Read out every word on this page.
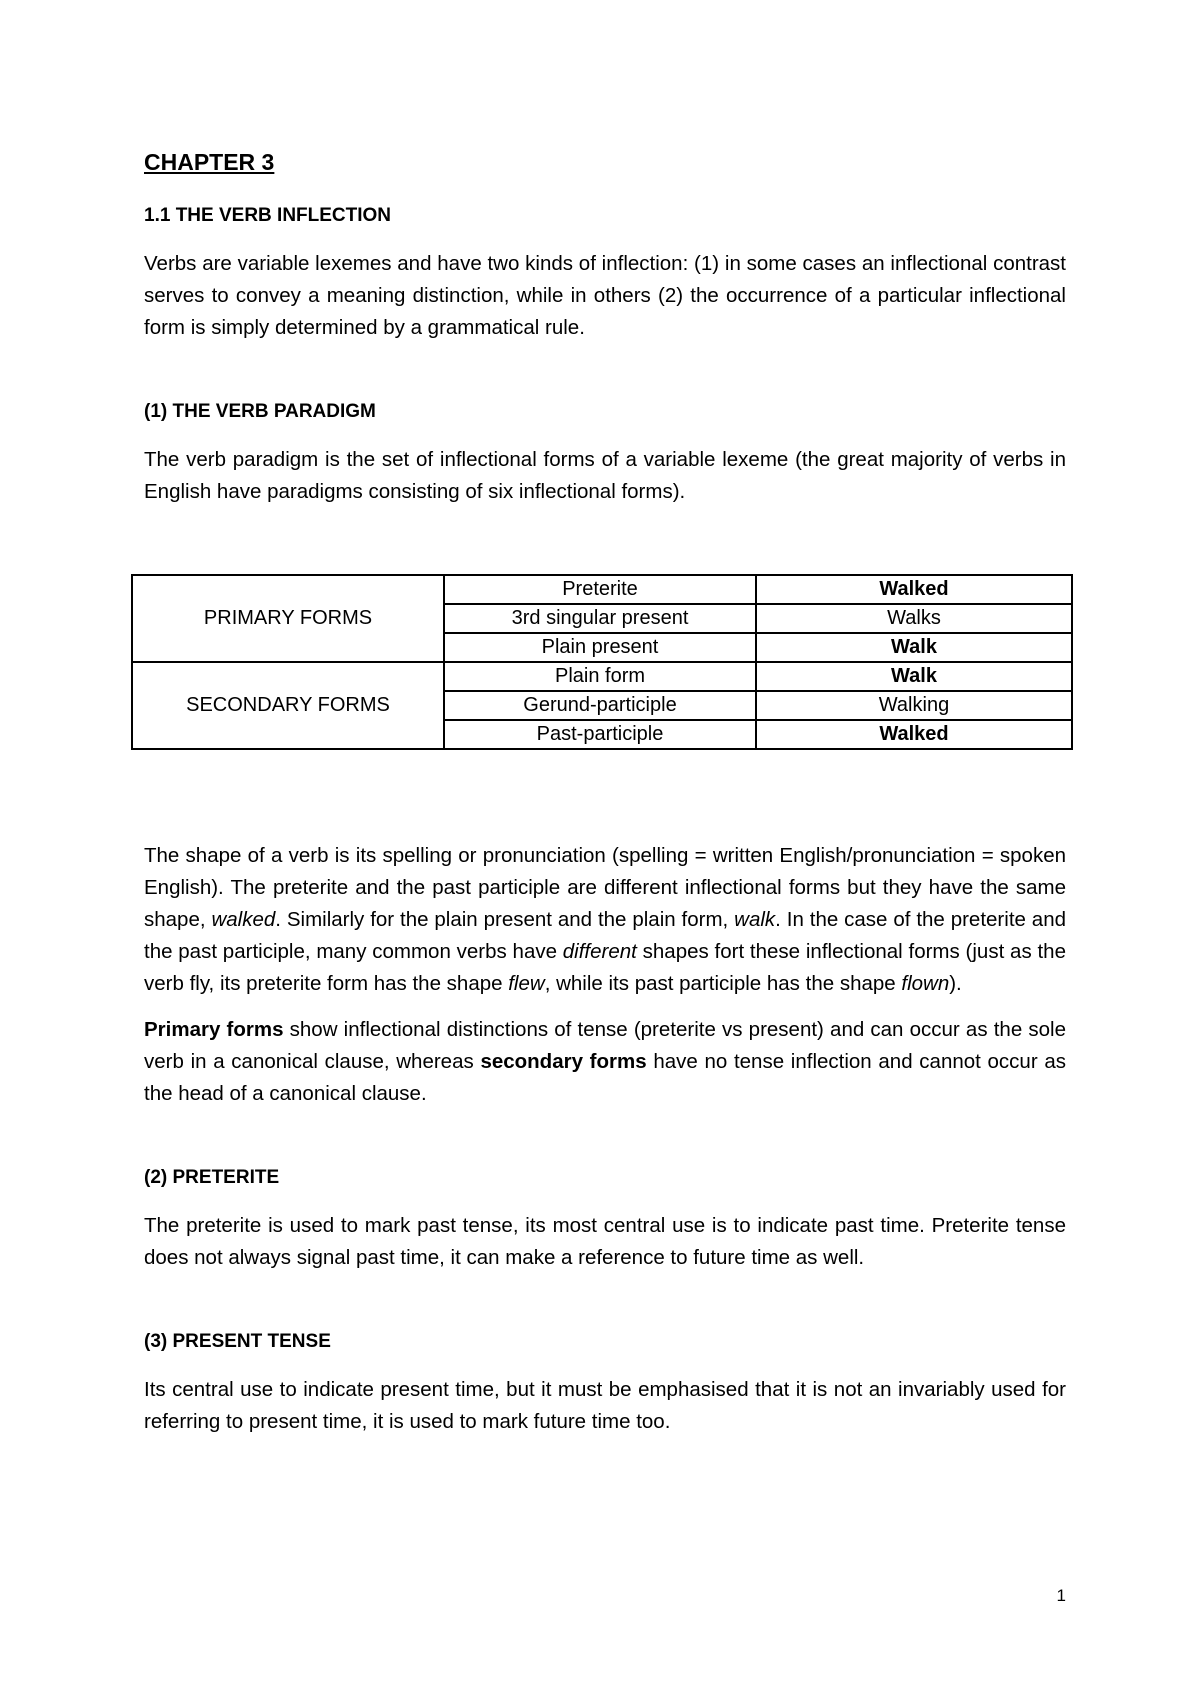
CHAPTER 3
1.1 THE VERB INFLECTION

Verbs are variable lexemes and have two kinds of inflection: (1) in some cases an inflectional contrast serves to convey a meaning distinction, while in others (2) the occurrence of a particular inflectional form is simply determined by a grammatical rule.

(1) THE VERB PARADIGM

The verb paradigm is the set of inflectional forms of a variable lexeme (the great majority of verbs in English have paradigms consisting of six inflectional forms).

PRIMARY FORMS	Preterite	Walked
	3rd singular present	Walks
	Plain present	Walk
SECONDARY FORMS	Plain form	Walk
	Gerund-participle	Walking
	Past-participle	Walked

The shape of a verb is its spelling or pronunciation (spelling = written English/pronunciation = spoken English). The preterite and the past participle are different inflectional forms but they have the same shape, walked. Similarly for the plain present and the plain form, walk. In the case of the preterite and the past participle, many common verbs have different shapes fort these inflectional forms (just as the verb fly, its preterite form has the shape flew, while its past participle has the shape flown).

Primary forms show inflectional distinctions of tense (preterite vs present) and can occur as the sole verb in a canonical clause, whereas secondary forms have no tense inflection and cannot occur as the head of a canonical clause.

(2) PRETERITE

The preterite is used to mark past tense, its most central use is to indicate past time. Preterite tense does not always signal past time, it can make a reference to future time as well.

(3) PRESENT TENSE

Its central use to indicate present time, but it must be emphasised that it is not an invariably used for referring to present time, it is used to mark future time too.

1
